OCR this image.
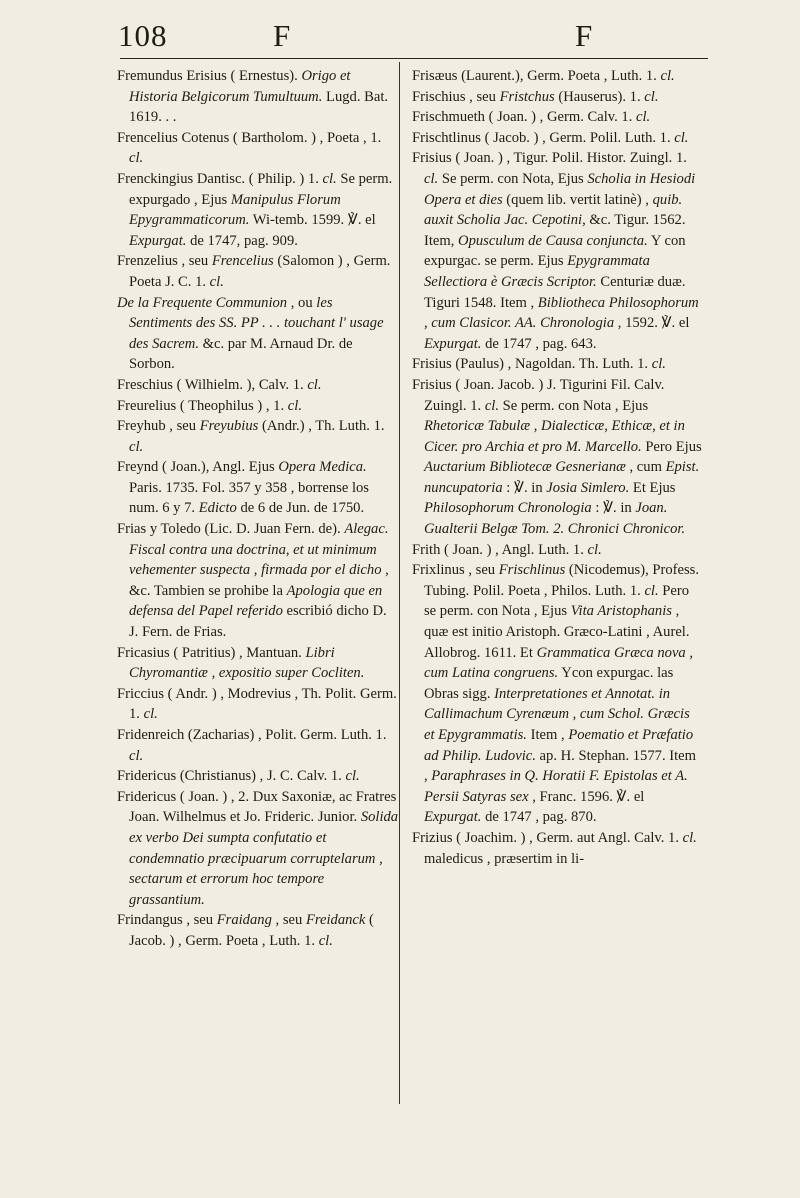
108	F	F

Fremundus Erisius ( Ernestus). Origo et Historia Belgicorum Tumultuum. Lugd. Bat. 1619. . .

Frencelius Cotenus ( Bartholom. ) , Poeta , 1. cl.

Frenckingius Dantisc. ( Philip. ) 1. cl. Se perm. expurgado , Ejus Manipulus Florum Epygrammaticorum. Wi-temb. 1599. ℣. el Expurgat. de 1747, pag. 909.

Frenzelius , seu Frencelius (Salomon ) , Germ. Poeta J. C. 1. cl.

De la Frequente Communion , ou les Sentiments des SS. PP . . . touchant l' usage des Sacrem. &c. par M. Arnaud Dr. de Sorbon.

Freschius ( Wilhielm. ), Calv. 1. cl.

Freurelius ( Theophilus ) , 1. cl.

Freyhub , seu Freyubius (Andr.) , Th. Luth. 1. cl.

Freynd ( Joan.), Angl. Ejus Opera Medica. Paris. 1735. Fol. 357 y 358 , borrense los num. 6 y 7. Edicto de 6 de Jun. de 1750.

Frias y Toledo (Lic. D. Juan Fern. de). Alegac. Fiscal contra una doctrina, et ut minimum vehementer suspecta , firmada por el dicho , &c. Tambien se prohibe la Apologia que en defensa del Papel referido escribió dicho D. J. Fern. de Frias.

Fricasius ( Patritius) , Mantuan. Libri Chyromantiæ , expositio super Cocliten.

Friccius ( Andr. ) , Modrevius , Th. Polit. Germ. 1. cl.

Fridenreich (Zacharias) , Polit. Germ. Luth. 1. cl.

Fridericus (Christianus) , J. C. Calv. 1. cl.

Fridericus ( Joan. ) , 2. Dux Saxoniæ, ac Fratres Joan. Wilhelmus et Jo. Frideric. Junior. Solida ex verbo Dei sumpta confutatio et condemnatio præcipuarum corruptelarum , sectarum et errorum hoc tempore grassantium.

Frindangus , seu Fraidang , seu Freidanck ( Jacob. ) , Germ. Poeta , Luth. 1. cl.

Frisæus (Laurent.), Germ. Poeta , Luth. 1. cl.

Frischius , seu Fristchus (Hauserus). 1. cl.

Frischmueth ( Joan. ) , Germ. Calv. 1. cl.

Frischtlinus ( Jacob. ) , Germ. Polil. Luth. 1. cl.

Frisius ( Joan. ) , Tigur. Polil. Histor. Zuingl. 1. cl. Se perm. con Nota, Ejus Scholia in Hesiodi Opera et dies (quem lib. vertit latinè) , quib. auxit Scholia Jac. Cepotini, &c. Tigur. 1562. Item, Opusculum de Causa conjuncta. Y con expurgac. se perm. Ejus Epygrammata Sellectiora è Græcis Scriptor. Centuriæ duæ. Tiguri 1548. Item , Bibliotheca Philosophorum , cum Clasicor. AA. Chronologia , 1592. ℣. el Expurgat. de 1747 , pag. 643.

Frisius (Paulus) , Nagoldan. Th. Luth. 1. cl.

Frisius ( Joan. Jacob. ) J. Tigurini Fil. Calv. Zuingl. 1. cl. Se perm. con Nota , Ejus Rhetoricæ Tabulæ , Dialecticæ, Ethicæ, et in Cicer. pro Archia et pro M. Marcello. Pero Ejus Auctarium Bibliotecæ Gesnerianæ , cum Epist. nuncupatoria : ℣. in Josia Simlero. Et Ejus Philosophorum Chronologia : ℣. in Joan. Gualterii Belgæ Tom. 2. Chronici Chronicor.

Frith ( Joan. ) , Angl. Luth. 1. cl.

Frixlinus , seu Frischlinus (Nicodemus), Profess. Tubing. Polil. Poeta , Philos. Luth. 1. cl. Pero se perm. con Nota , Ejus Vita Aristophanis , quæ est initio Aristoph. Græco-Latini , Aurel. Allobrog. 1611. Et Grammatica Græca nova , cum Latina congruens. Ycon expurgac. las Obras sigg. Interpretationes et Annotat. in Callimachum Cyrenæum , cum Schol. Græcis et Epygrammatis. Item , Poematio et Præfatio ad Philip. Ludovic. ap. H. Stephan. 1577. Item , Paraphrases in Q. Horatii F. Epistolas et A. Persii Satyras sex , Franc. 1596. ℣. el Expurgat. de 1747 , pag. 870.

Frizius ( Joachim. ) , Germ. aut Angl. Calv. 1. cl. maledicus , præsertim in li-
